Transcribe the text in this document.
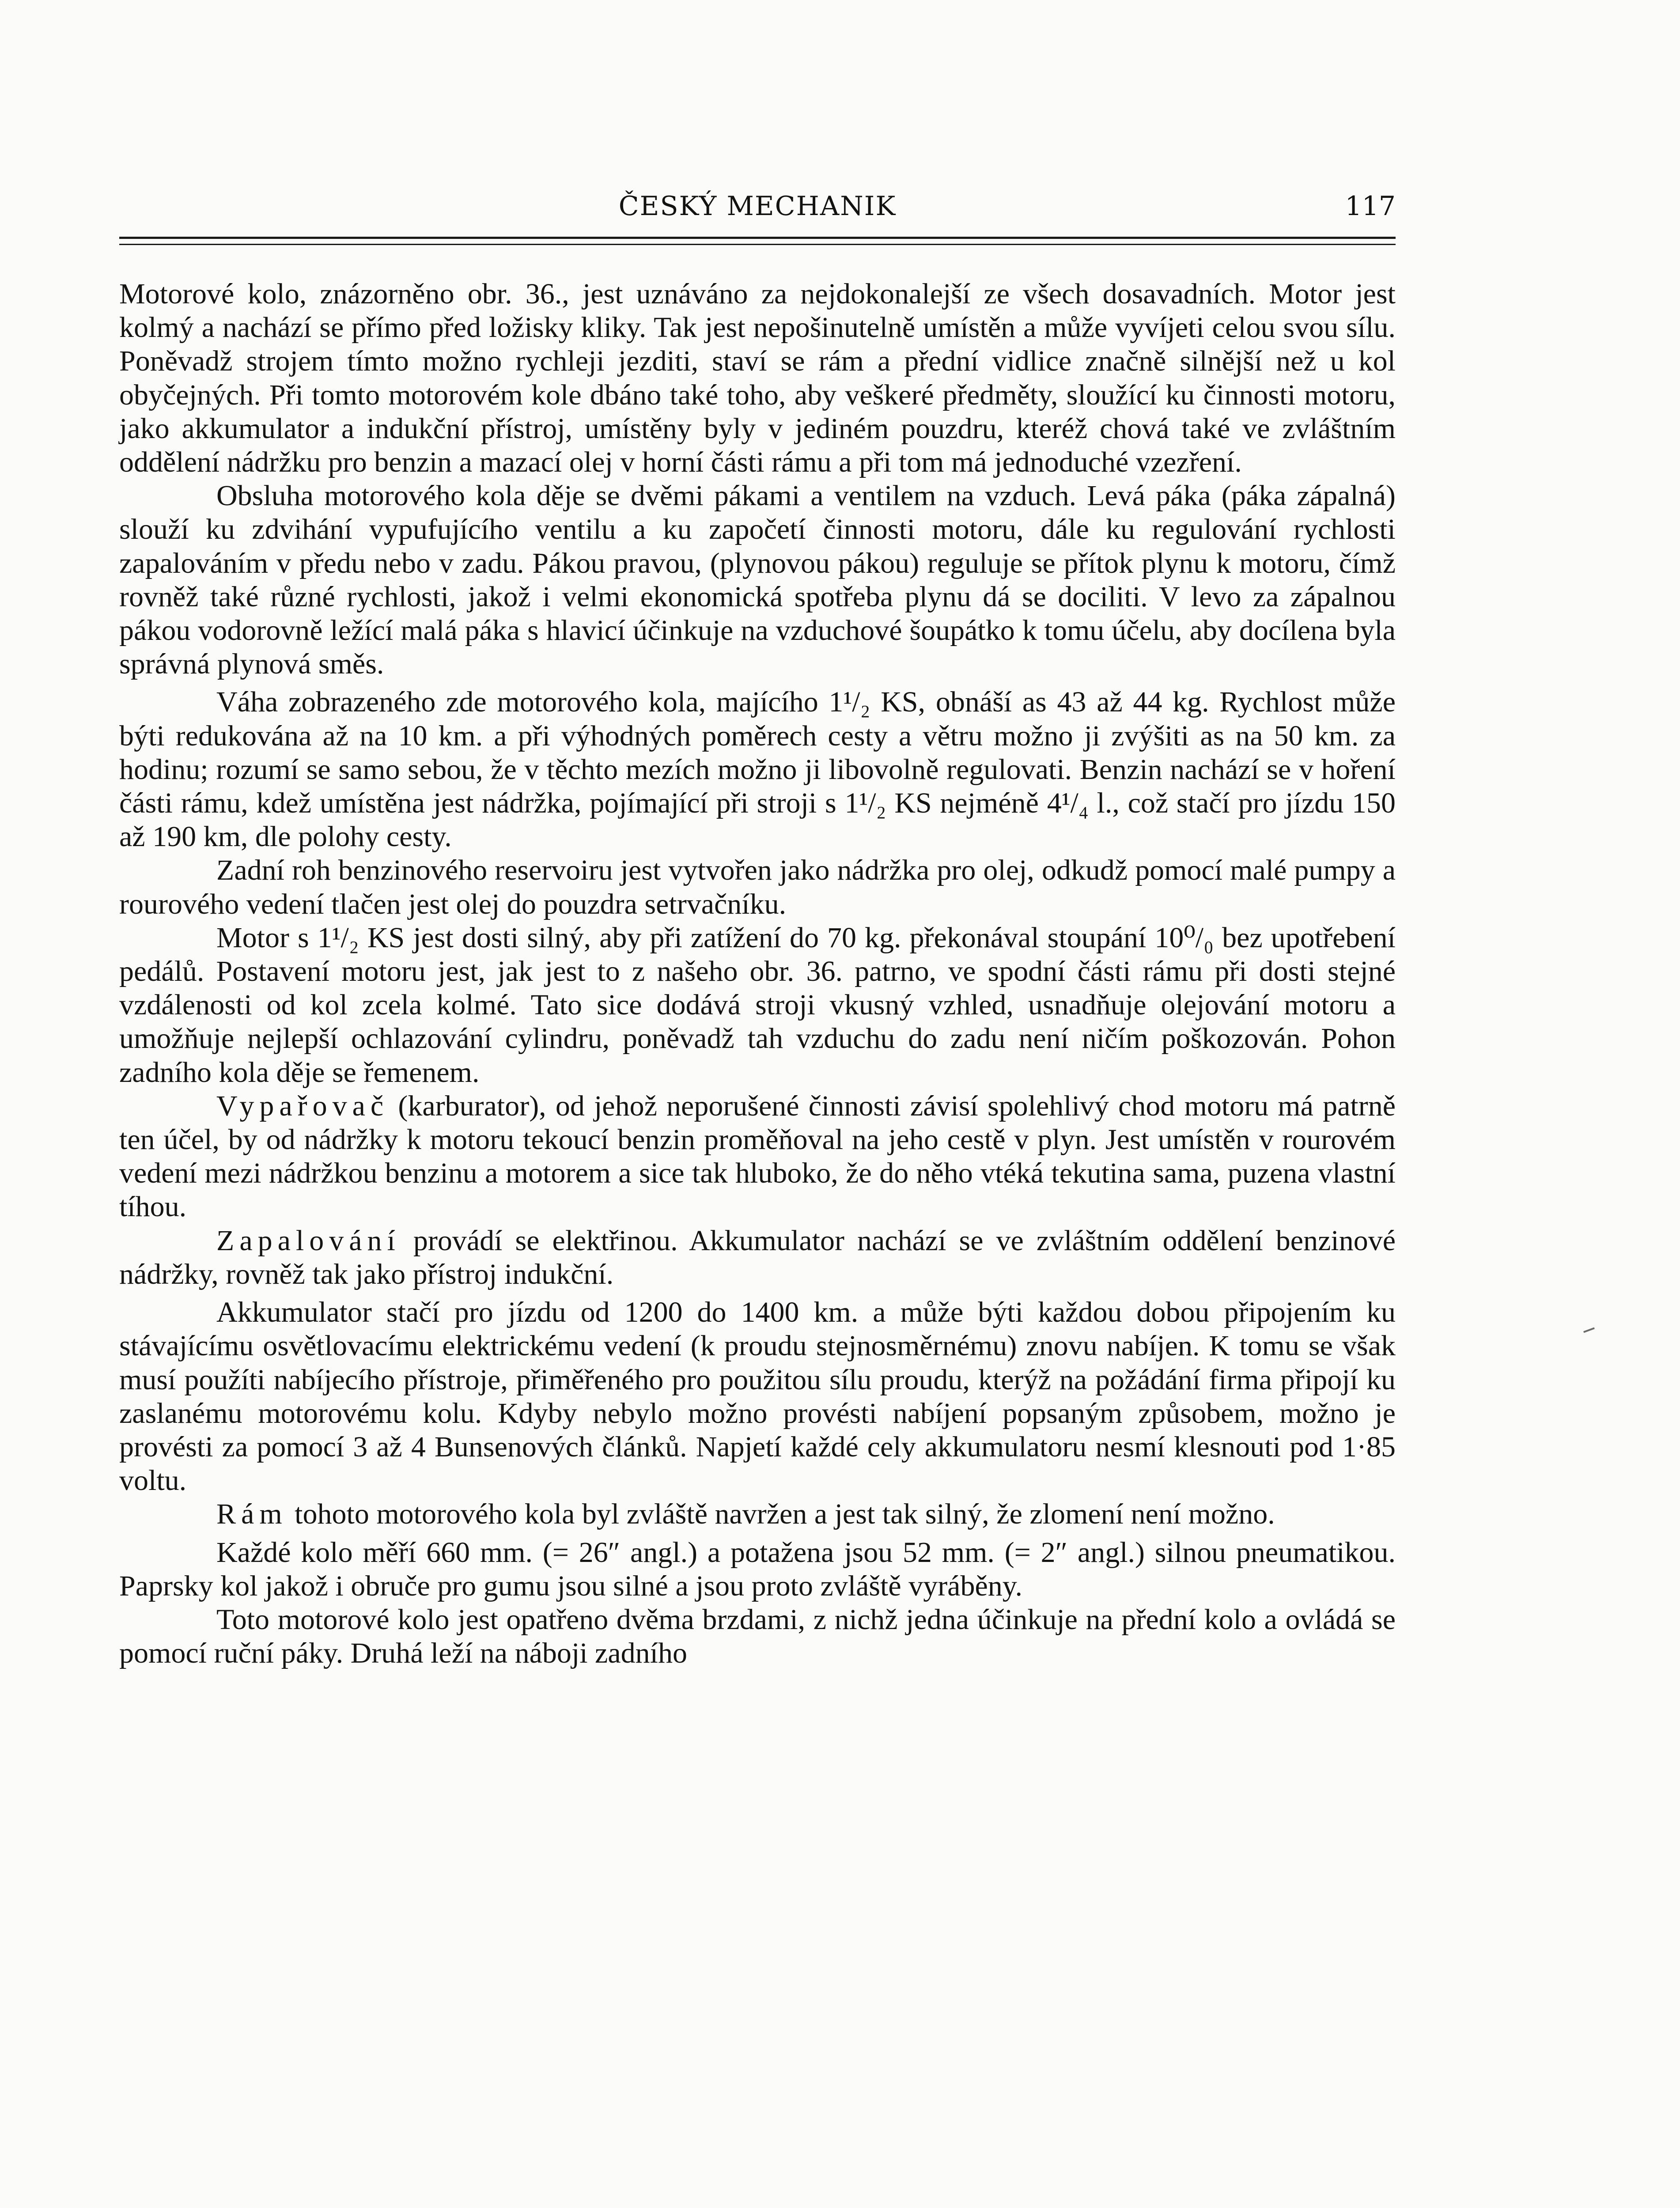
ČESKÝ MECHANIK	117

Motorové kolo, znázorněno obr. 36., jest uznáváno za nejdokonalejší ze všech dosavadních. Motor jest kolmý a nachází se přímo před ložisky kliky. Tak jest nepošinutelně umístěn a může vyvíjeti celou svou sílu. Poněvadž strojem tímto možno rychleji jezditi, staví se rám a přední vidlice značně silnější než u kol obyčejných. Při tomto motorovém kole dbáno také toho, aby veškeré předměty, sloužící ku činnosti motoru, jako akkumulator a indukční přístroj, umístěny byly v jediném pouzdru, kteréž chová také ve zvláštním oddělení nádržku pro benzin a mazací olej v horní části rámu a při tom má jednoduché vzezření.

Obsluha motorového kola děje se dvěmi pákami a ventilem na vzduch. Levá páka (páka zápalná) slouží ku zdvihání vypufujícího ventilu a ku započetí činnosti motoru, dále ku regulování rychlosti zapalováním v předu nebo v zadu. Pákou pravou, (plynovou pákou) reguluje se přítok plynu k motoru, čímž rovněž také různé rychlosti, jakož i velmi ekonomická spotřeba plynu dá se dociliti. V levo za zápalnou pákou vodorovně ležící malá páka s hlavicí účinkuje na vzduchové šoupátko k tomu účelu, aby docílena byla správná plynová směs.

Váha zobrazeného zde motorového kola, majícího 1¹/₂ KS, obnáší as 43 až 44 kg. Rychlost může býti redukována až na 10 km. a při výhodných poměrech cesty a větru možno ji zvýšiti as na 50 km. za hodinu; rozumí se samo sebou, že v těchto mezích možno ji libovolně regulovati. Benzin nachází se v hoření části rámu, kdež umístěna jest nádržka, pojímající při stroji s 1¹/₂ KS nejméně 4¹/₄ l., což stačí pro jízdu 150 až 190 km, dle polohy cesty.

Zadní roh benzinového reservoiru jest vytvořen jako nádržka pro olej, odkudž pomocí malé pumpy a rourového vedení tlačen jest olej do pouzdra setrvačníku.

Motor s 1¹/₂ KS jest dosti silný, aby při zatížení do 70 kg. překonával stoupání 10⁰/₀ bez upotřebení pedálů. Postavení motoru jest, jak jest to z našeho obr. 36. patrno, ve spodní části rámu při dosti stejné vzdálenosti od kol zcela kolmé. Tato sice dodává stroji vkusný vzhled, usnadňuje olejování motoru a umožňuje nejlepší ochlazování cylindru, poněvadž tah vzduchu do zadu není ničím poškozován. Pohon zadního kola děje se řemenem.

Vypařovač (karburator), od jehož neporušené činnosti závisí spolehlivý chod motoru má patrně ten účel, by od nádržky k motoru tekoucí benzin proměňoval na jeho cestě v plyn. Jest umístěn v rourovém vedení mezi nádržkou benzinu a motorem a sice tak hluboko, že do něho vtéká tekutina sama, puzena vlastní tíhou.

Zapalování provádí se elektřinou. Akkumulator nachází se ve zvláštním oddělení benzinové nádržky, rovněž tak jako přístroj indukční.

Akkumulator stačí pro jízdu od 1200 do 1400 km. a může býti každou dobou připojením ku stávajícímu osvětlovacímu elektrickému vedení (k proudu stejnosměrnému) znovu nabíjen. K tomu se však musí použíti nabíjecího přístroje, přiměřeného pro použitou sílu proudu, kterýž na požádání firma připojí ku zaslanému motorovému kolu. Kdyby nebylo možno provésti nabíjení popsaným způsobem, možno je provésti za pomocí 3 až 4 Bunsenových článků. Napjetí každé cely akkumulatoru nesmí klesnouti pod 1·85 voltu.

Rám tohoto motorového kola byl zvláště navržen a jest tak silný, že zlomení není možno.

Každé kolo měří 660 mm. (= 26″ angl.) a potažena jsou 52 mm. (= 2″ angl.) silnou pneumatikou. Paprsky kol jakož i obruče pro gumu jsou silné a jsou proto zvláště vyráběny.

Toto motorové kolo jest opatřeno dvěma brzdami, z nichž jedna účinkuje na přední kolo a ovládá se pomocí ruční páky. Druhá leží na náboji zadního
